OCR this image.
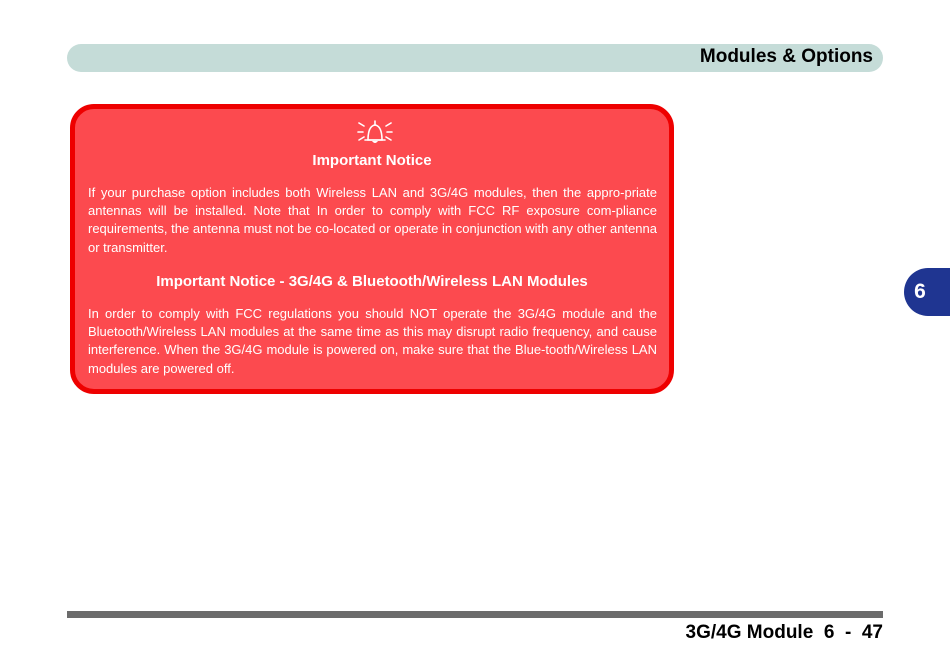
Modules & Options
6

Important Notice

If your purchase option includes both Wireless LAN and 3G/4G modules, then the appro-priate antennas will be installed. Note that In order to comply with FCC RF exposure com-pliance requirements, the antenna must not be co-located or operate in conjunction with any other antenna or transmitter.

Important Notice - 3G/4G & Bluetooth/Wireless LAN Modules

In order to comply with FCC regulations you should NOT operate the 3G/4G module and the Bluetooth/Wireless LAN modules at the same time as this may disrupt radio frequency, and cause interference. When the 3G/4G module is powered on, make sure that the Blue-tooth/Wireless LAN modules are powered off.

3G/4G Module 6  -  47
